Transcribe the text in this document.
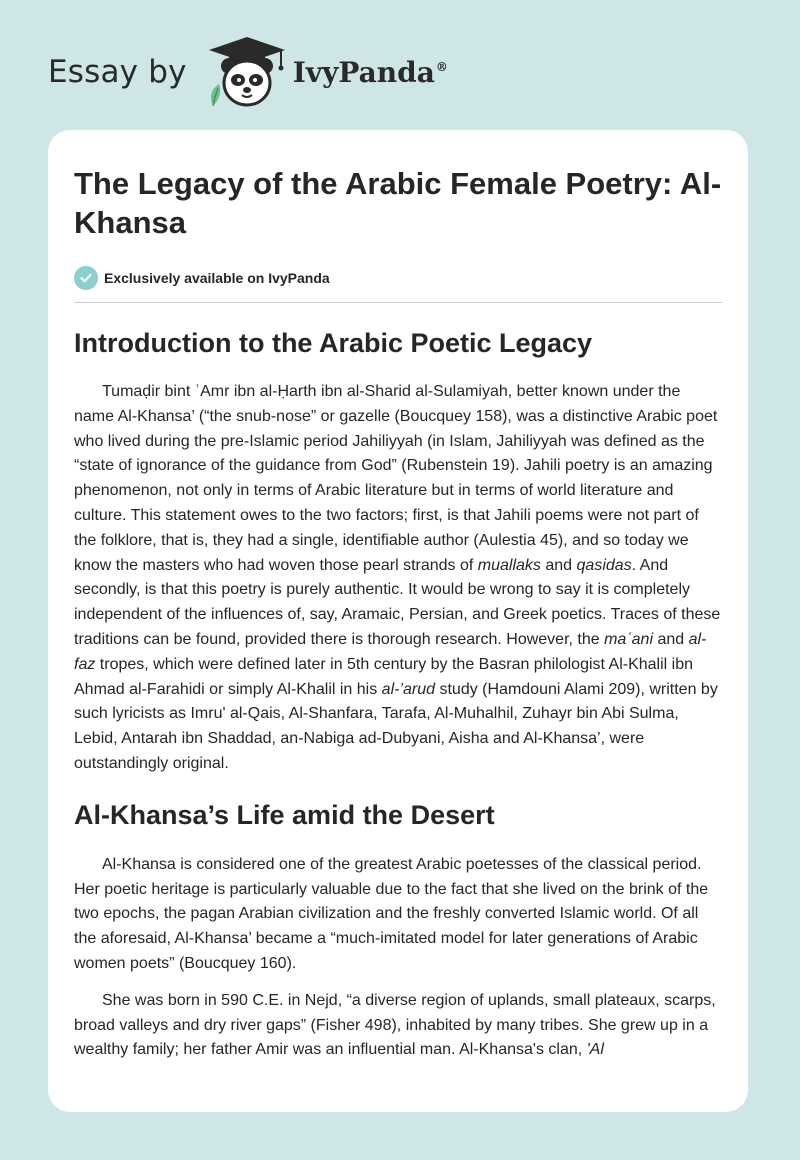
Essay by	IvyPanda®
The Legacy of the Arabic Female Poetry: Al-Khansa
Exclusively available on IvyPanda
Introduction to the Arabic Poetic Legacy

Tumaḍir bint ʿAmr ibn al-Ḥarth ibn al-Sharid al-Sulamiyah, better known under the name Al-Khansa’ (“the snub-nose” or gazelle (Boucquey 158), was a distinctive Arabic poet who lived during the pre-Islamic period Jahiliyyah (in Islam, Jahiliyyah was defined as the “state of ignorance of the guidance from God” (Rubenstein 19). Jahili poetry is an amazing phenomenon, not only in terms of Arabic literature but in terms of world literature and culture. This statement owes to the two factors; first, is that Jahili poems were not part of the folklore, that is, they had a single, identifiable author (Aulestia 45), and so today we know the masters who had woven those pearl strands of muallaks and qasidas. And secondly, is that this poetry is purely authentic. It would be wrong to say it is completely independent of the influences of, say, Aramaic, Persian, and Greek poetics. Traces of these traditions can be found, provided there is thorough research. However, the maʿani and al-faz tropes, which were defined later in 5th century by the Basran philologist Al-Khalil ibn Ahmad al-Farahidi or simply Al-Khalil in his al-’arud study (Hamdouni Alami 209), written by such lyricists as Imru' al-Qais, Al-Shanfara, Tarafa, Al-Muhalhil, Zuhayr bin Abi Sulma, Lebid, Antarah ibn Shaddad, an-Nabiga ad-Dubyani, Aisha and Al-Khansa’, were outstandingly original.

Al-Khansa’s Life amid the Desert

Al-Khansa is considered one of the greatest Arabic poetesses of the classical period. Her poetic heritage is particularly valuable due to the fact that she lived on the brink of the two epochs, the pagan Arabian civilization and the freshly converted Islamic world. Of all the aforesaid, Al-Khansa’ became a “much-imitated model for later generations of Arabic women poets” (Boucquey 160).

She was born in 590 C.E. in Nejd, “a diverse region of uplands, small plateaux, scarps, broad valleys and dry river gaps” (Fisher 498), inhabited by many tribes. She grew up in a wealthy family; her father Amir was an influential man. Al-Khansa's clan, 'Al
